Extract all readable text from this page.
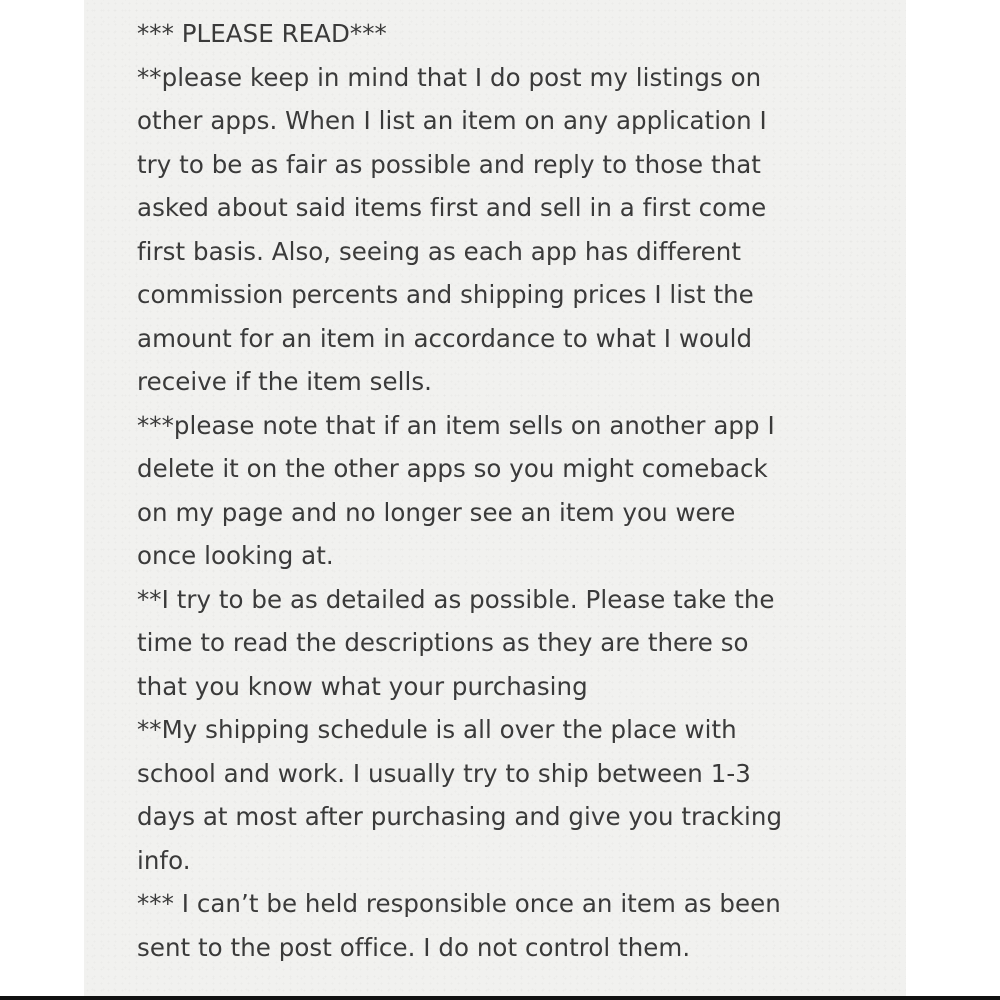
*** PLEASE READ***
**please keep in mind that I do post my listings on
other apps. When I list an item on any application I
try to be as fair as possible and reply to those that
asked about said items first and sell in a first come
first basis. Also, seeing as each app has different
commission percents and shipping prices I list the
amount for an item in accordance to what I would
receive if the item sells.
***please note that if an item sells on another app I
delete it on the other apps so you might comeback
on my page and no longer see an item you were
once looking at.
**I try to be as detailed as possible. Please take the
time to read the descriptions as they are there so
that you know what your purchasing
**My shipping schedule is all over the place with
school and work. I usually try to ship between 1-3
days at most after purchasing and give you tracking
info.
*** I can’t be held responsible once an item as been
sent to the post office. I do not control them.
